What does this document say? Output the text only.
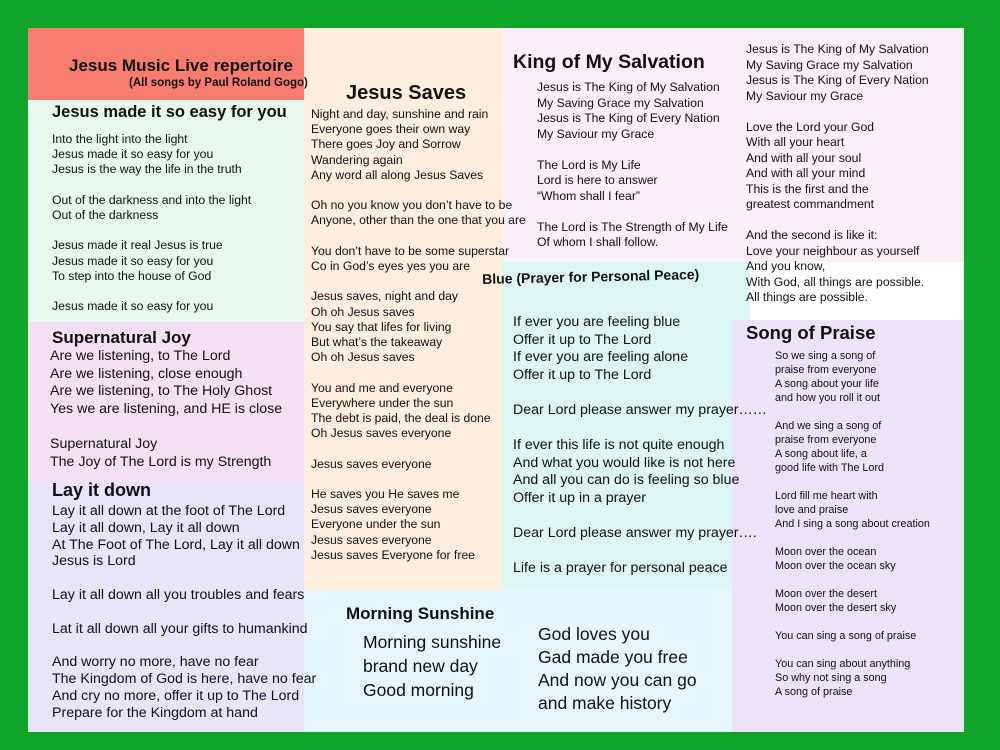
Jesus Music Live repertoire
(All songs by Paul Roland Gogo)
Jesus made it so easy for you
Into the light into the light
Jesus made it so easy for you
Jesus is the way the life in the truth

Out of the darkness and into the light
Out of the darkness

Jesus made it real Jesus is true
Jesus made it so easy for you
To step into the house of God

Jesus made it so easy for you
Supernatural Joy
Are we listening, to The Lord
Are we listening, close enough
Are we listening, to The Holy Ghost
Yes we are listening, and HE is close

Supernatural Joy
The Joy of The Lord is my Strength
Lay it down
Lay it all down at the foot of The Lord
Lay it all down, Lay it all down
At The Foot of The Lord, Lay it all down
Jesus is Lord

Lay it all down all you troubles and fears

Lat it all down all your gifts to humankind

And worry no more, have no fear
The Kingdom of God is here, have no fear
And cry no more, offer it up to The Lord
Prepare for the Kingdom at hand
Jesus Saves
Night and day, sunshine and rain
Everyone goes their own way
There goes Joy and Sorrow
Wandering again
Any word all along Jesus Saves

Oh no you know you don’t have to be
Anyone, other than the one that you are

You don’t have to be some superstar
Co in God’s eyes yes you are

Jesus saves, night and day
Oh oh Jesus saves
You say that lifes for living
But what’s the takeaway
Oh oh Jesus saves

You and me and everyone
Everywhere under the sun
The debt is paid, the deal is done
Oh Jesus saves everyone

Jesus saves everyone

He saves you He saves me
Jesus saves everyone
Everyone under the sun
Jesus saves everyone
Jesus saves Everyone for free
King of My Salvation
Jesus is The King of My Salvation
My Saving Grace my Salvation
Jesus is The King of Every Nation
My Saviour my Grace

The Lord is My Life
Lord is here to answer
“Whom shall I fear”

The Lord is The Strength of My Life
Of whom I shall follow.
Jesus is The King of My Salvation
My Saving Grace my Salvation
Jesus is The King of Every Nation
My Saviour my Grace

Love the Lord your God
With all your heart
And with all your soul
And with all your mind
This is the first and the
greatest commandment

And the second is like it:
Love your neighbour as yourself
And you know,
With God, all things are possible.
All things are possible.
Blue (Prayer for Personal Peace)
If ever you are feeling blue
Offer it up to The Lord
If ever you are feeling alone
Offer it up to The Lord

Dear Lord please answer my prayer……

If ever this life is not quite enough
And what you would like is not here
And all you can do is feeling so blue
Offer it up in a prayer

Dear Lord please answer my prayer….

Life is a prayer for personal peace
Song of Praise
So we sing a song of
praise from everyone
A song about your life
and how you roll it out

And we sing a song of
praise from everyone
A song about life, a
good life with The Lord

Lord fill me heart with
love and praise
And I sing a song about creation

Moon over the ocean
Moon over the ocean sky

Moon over the desert
Moon over the desert sky

You can sing a song of praise

You can sing about anything
So why not sing a song
A song of praise
Morning Sunshine
Morning sunshine
brand new day
Good morning
God loves you
Gad made you free
And now you can go
and make history
